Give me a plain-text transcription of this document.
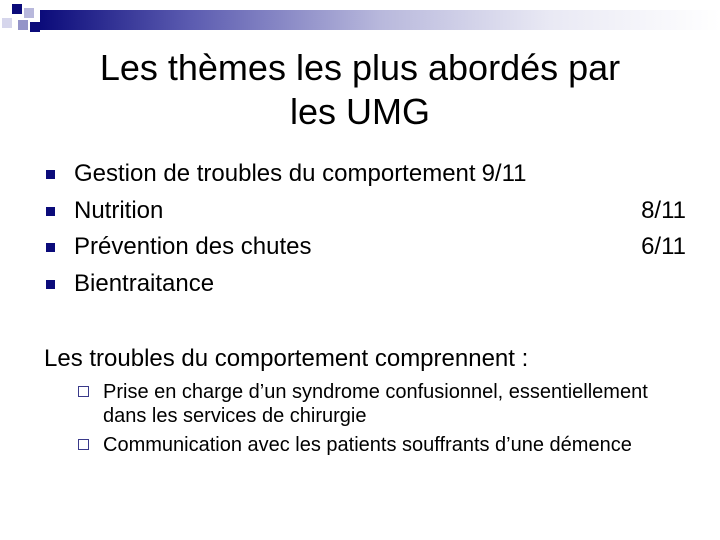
Les thèmes les plus abordés par
les UMG
Gestion de troubles du comportement 9/11
Nutrition	8/11
Prévention des chutes	6/11
Bientraitance
Les troubles du comportement comprennent :
Prise en charge d’un syndrome confusionnel, essentiellement dans les services de chirurgie
Communication avec les patients souffrants d’une démence
